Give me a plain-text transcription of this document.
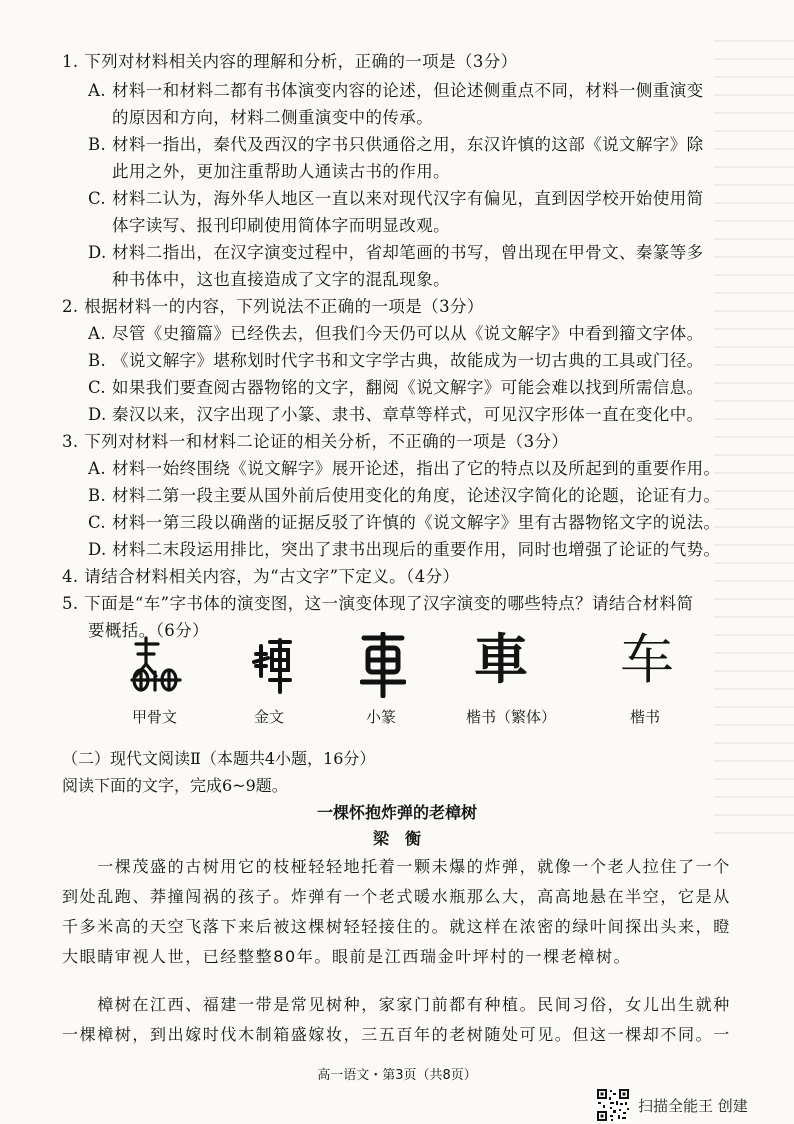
1. 下列对材料相关内容的理解和分析，正确的一项是（3分）
A. 材料一和材料二都有书体演变内容的论述，但论述侧重点不同，材料一侧重演变
的原因和方向，材料二侧重演变中的传承。
B. 材料一指出，秦代及西汉的字书只供通俗之用，东汉许慎的这部《说文解字》除
此用之外，更加注重帮助人通读古书的作用。
C. 材料二认为，海外华人地区一直以来对现代汉字有偏见，直到因学校开始使用简
体字读写、报刊印刷使用简体字而明显改观。
D. 材料二指出，在汉字演变过程中，省却笔画的书写，曾出现在甲骨文、秦篆等多
种书体中，这也直接造成了文字的混乱现象。
2. 根据材料一的内容，下列说法不正确的一项是（3分）
A. 尽管《史籀篇》已经佚去，但我们今天仍可以从《说文解字》中看到籀文字体。
B. 《说文解字》堪称划时代字书和文字学古典，故能成为一切古典的工具或门径。
C. 如果我们要查阅古器物铭的文字，翻阅《说文解字》可能会难以找到所需信息。
D. 秦汉以来，汉字出现了小篆、隶书、章草等样式，可见汉字形体一直在变化中。
3. 下列对材料一和材料二论证的相关分析，不正确的一项是（3分）
A. 材料一始终围绕《说文解字》展开论述，指出了它的特点以及所起到的重要作用。
B. 材料二第一段主要从国外前后使用变化的角度，论述汉字简化的论题，论证有力。
C. 材料一第三段以确凿的证据反驳了许慎的《说文解字》里有古器物铭文字的说法。
D. 材料二末段运用排比，突出了隶书出现后的重要作用，同时也增强了论证的气势。
4. 请结合材料相关内容，为“古文字”下定义。（4分）
5. 下面是“车”字书体的演变图，这一演变体现了汉字演变的哪些特点？请结合材料简
要概括。（6分）	車 车
甲骨文	金文	小篆	楷书（繁体）	楷书
（二）现代文阅读Ⅱ（本题共4小题，16分）
阅读下面的文字，完成6~9题。
一棵怀抱炸弹的老樟树
梁　衡
　　一棵茂盛的古树用它的枝桠轻轻地托着一颗未爆的炸弹，就像一个老人拉住了一个
到处乱跑、莽撞闯祸的孩子。炸弹有一个老式暖水瓶那么大，高高地悬在半空，它是从
千多米高的天空飞落下来后被这棵树轻轻接住的。就这样在浓密的绿叶间探出头来，瞪
大眼睛审视人世，已经整整80年。眼前是江西瑞金叶坪村的一棵老樟树。
　　樟树在江西、福建一带是常见树种，家家门前都有种植。民间习俗，女儿出生就种
一棵樟树，到出嫁时伐木制箱盛嫁妆，三五百年的老树随处可见。但这一棵却不同。一
高一语文・第3页（共8页）
扫描全能王 创建
